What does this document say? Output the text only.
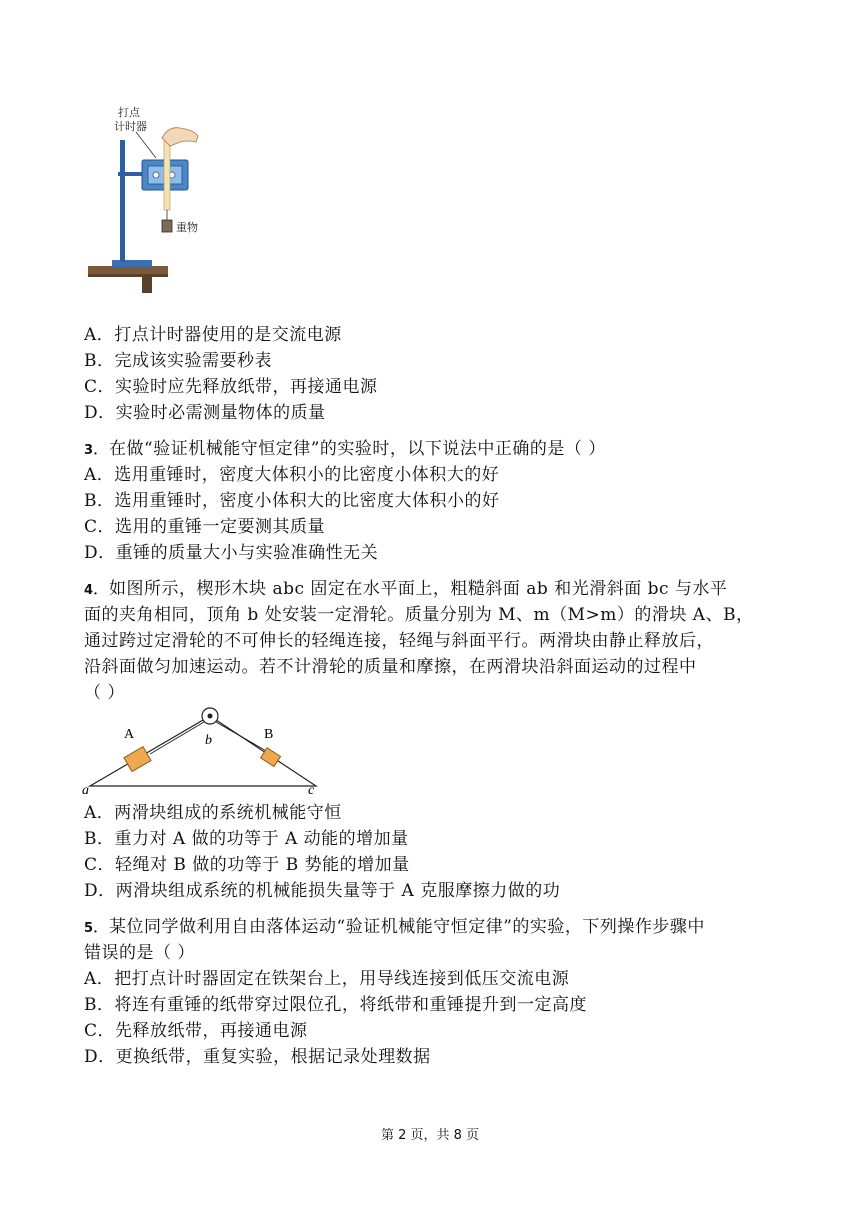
打点
计时器
重物
A．打点计时器使用的是交流电源
B．完成该实验需要秒表
C．实验时应先释放纸带，再接通电源
D．实验时必需测量物体的质量
3． 在做“验证机械能守恒定律”的实验时，以下说法中正确的是（ ）
A．选用重锤时，密度大体积小的比密度小体积大的好
B．选用重锤时，密度小体积大的比密度大体积小的好
C．选用的重锤一定要测其质量
D．重锤的质量大小与实验准确性无关
4． 如图所示，楔形木块 abc 固定在水平面上，粗糙斜面 ab 和光滑斜面 bc 与水平
面的夹角相同，顶角 b 处安装一定滑轮。质量分别为 M、m（M>m）的滑块 A、B，
通过跨过定滑轮的不可伸长的轻绳连接，轻绳与斜面平行。两滑块由静止释放后，
沿斜面做匀加速运动。若不计滑轮的质量和摩擦，在两滑块沿斜面运动的过程中
（ ）
A	B
b
a	c
A．两滑块组成的系统机械能守恒
B．重力对 A 做的功等于 A 动能的增加量
C．轻绳对 B 做的功等于 B 势能的增加量
D．两滑块组成系统的机械能损失量等于 A 克服摩擦力做的功
5． 某位同学做利用自由落体运动“验证机械能守恒定律”的实验，下列操作步骤中
错误的是（ ）
A．把打点计时器固定在铁架台上，用导线连接到低压交流电源
B．将连有重锤的纸带穿过限位孔，将纸带和重锤提升到一定高度
C．先释放纸带，再接通电源
D．更换纸带，重复实验，根据记录处理数据
第 2 页，共 8 页
